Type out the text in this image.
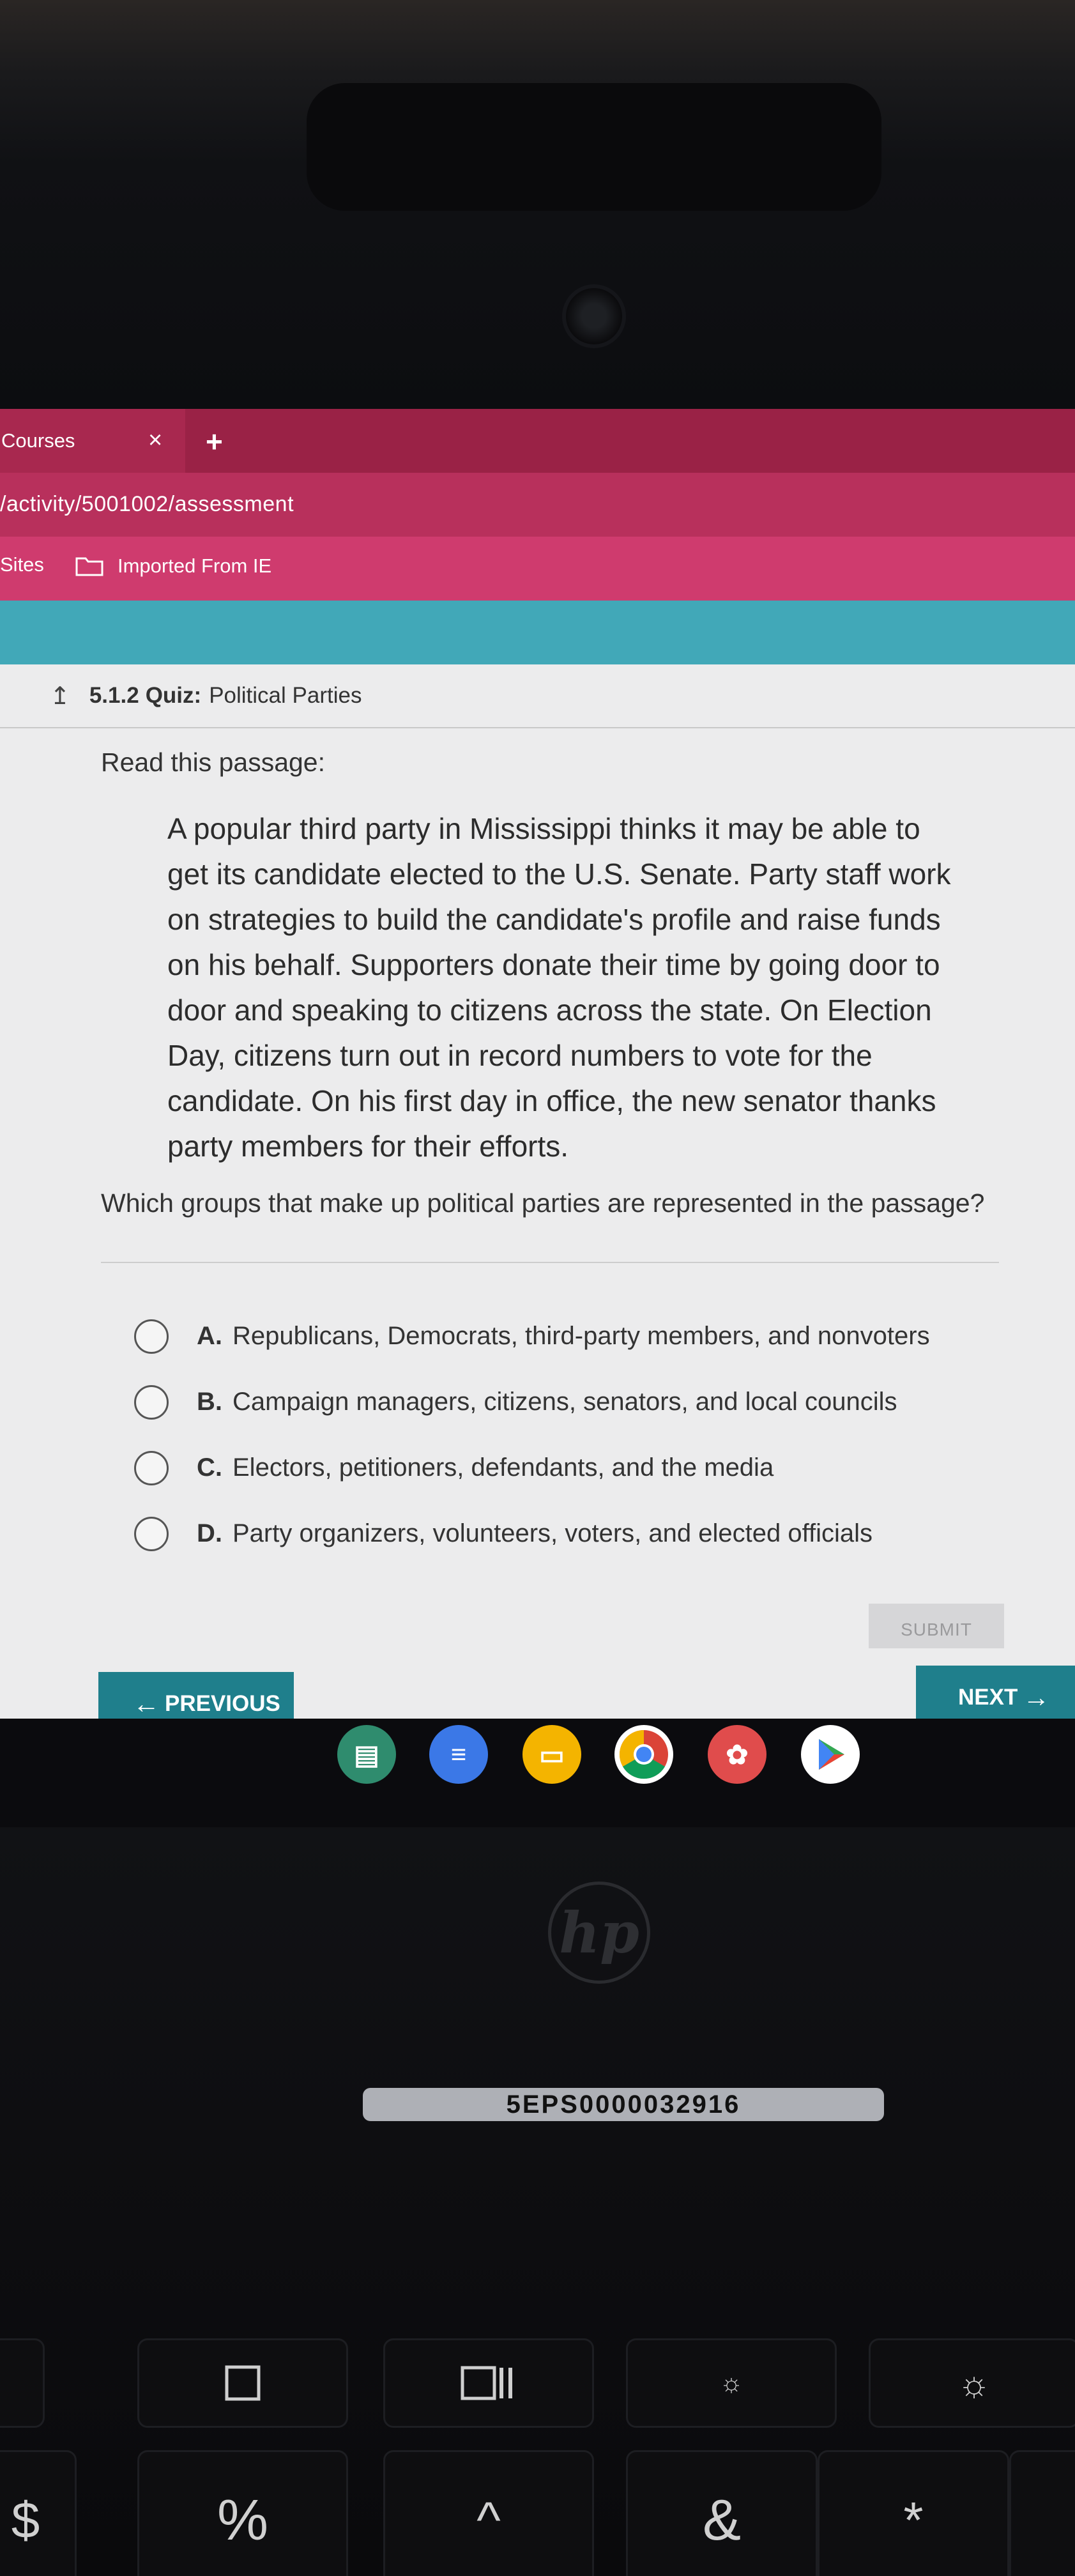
Courses	× +
/activity/5001002/assessment
Sites	Imported From IE
↥ 5.1.2 Quiz: Political Parties
Read this passage:
A popular third party in Mississippi thinks it may be able to get its candidate elected to the U.S. Senate. Party staff work on strategies to build the candidate's profile and raise funds on his behalf. Supporters donate their time by going door to door and speaking to citizens across the state. On Election Day, citizens turn out in record numbers to vote for the candidate. On his first day in office, the new senator thanks party members for their efforts.
Which groups that make up political parties are represented in the passage?
A. Republicans, Democrats, third-party members, and nonvoters
B. Campaign managers, citizens, senators, and local councils
C. Electors, petitioners, defendants, and the media
D. Party organizers, volunteers, voters, and elected officials
SUBMIT
← PREVIOUS	NEXT →
▤	≡	▭	✿
hp
5EPS0000032916
☼	☼
$	%	^	&	*
